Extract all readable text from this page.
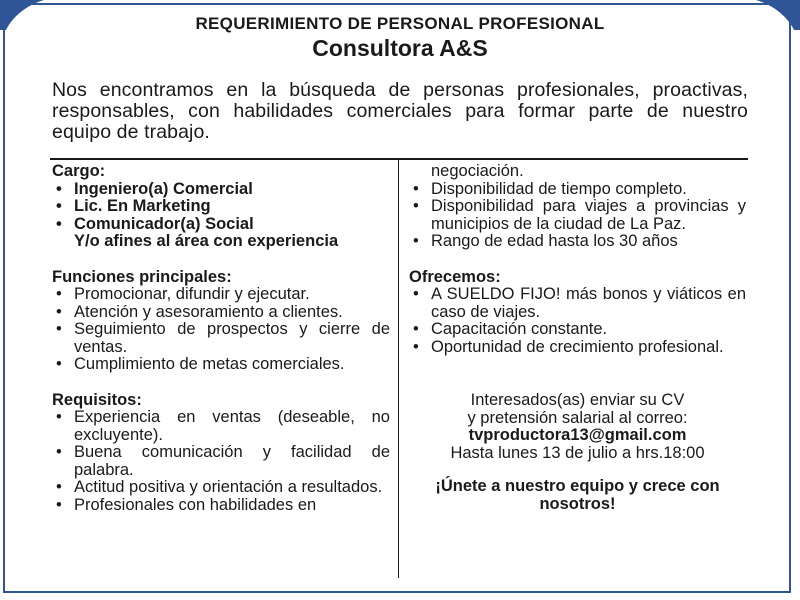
REQUERIMIENTO DE PERSONAL PROFESIONAL
Consultora A&S
Nos encontramos en la búsqueda de personas profesionales, proactivas, responsables, con habilidades comerciales para formar parte de nuestro equipo de trabajo.
Cargo:
• Ingeniero(a) Comercial
• Lic. En Marketing
• Comunicador(a) Social
Y/o afines al área con experiencia
Funciones principales:
• Promocionar, difundir y ejecutar.
• Atención y asesoramiento a clientes.
• Seguimiento de prospectos y cierre de ventas.
• Cumplimiento de metas comerciales.
Requisitos:
• Experiencia en ventas (deseable, no excluyente).
• Buena comunicación y facilidad de palabra.
• Actitud positiva y orientación a resultados.
• Profesionales con habilidades en
negociación.
• Disponibilidad de tiempo completo.
• Disponibilidad para viajes a provincias y municipios de la ciudad de La Paz.
• Rango de edad hasta los 30 años
Ofrecemos:
• A SUELDO FIJO! más bonos y viáticos en caso de viajes.
• Capacitación constante.
• Oportunidad de crecimiento profesional.
Interesados(as) enviar su CV
y pretensión salarial al correo:
tvproductora13@gmail.com
Hasta lunes 13 de julio a hrs.18:00
¡Únete a nuestro equipo y crece con nosotros!
